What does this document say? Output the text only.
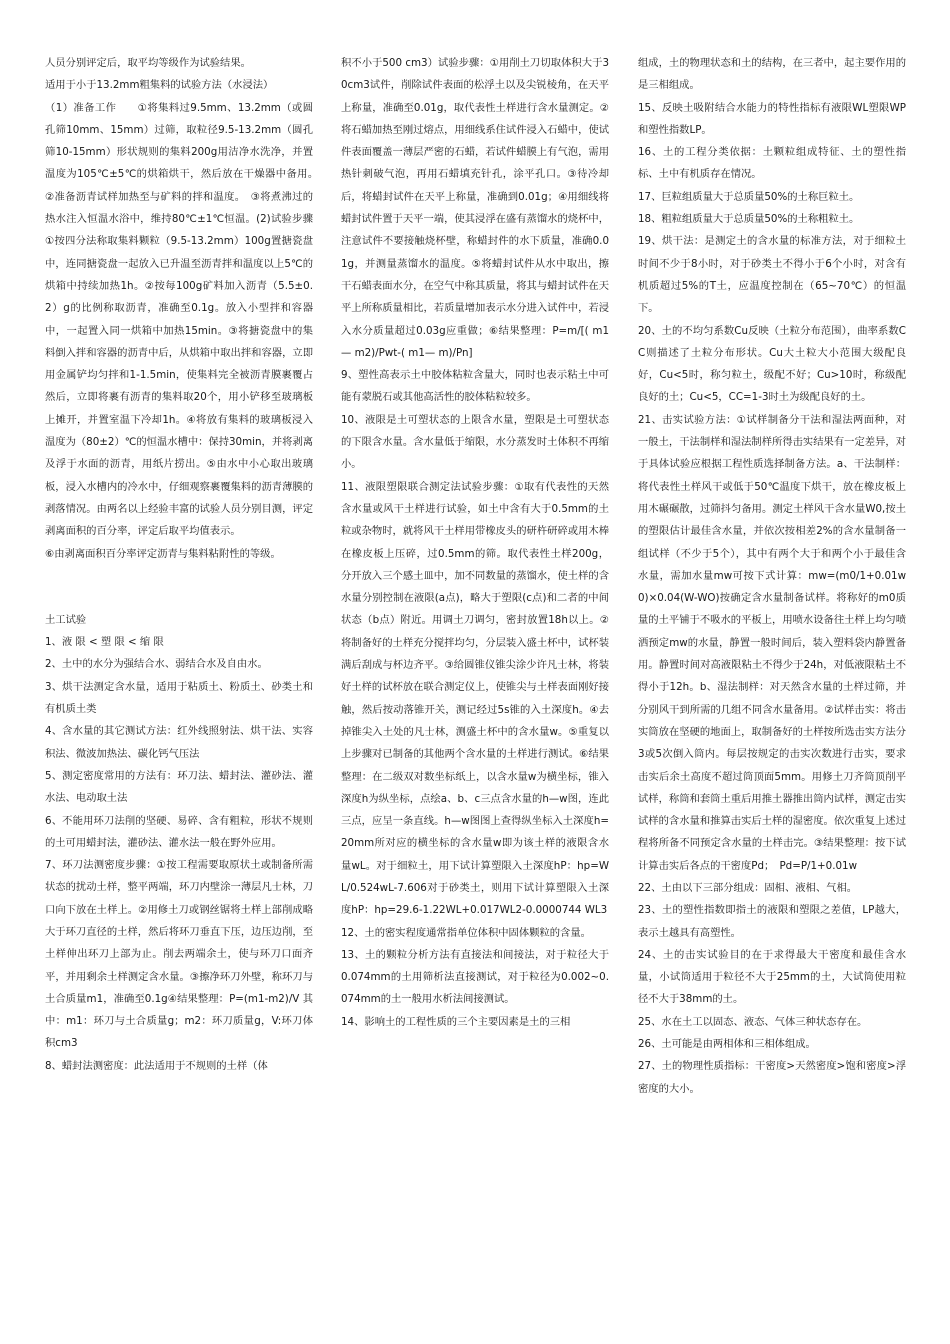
人员分别评定后，取平均等级作为试验结果。

适用于小于13.2mm粗集料的试验方法（水浸法）

（1）准备工作　　①将集料过9.5mm、13.2mm（或圆孔筛10mm、15mm）过筛，取粒径9.5-13.2mm（圆孔筛10-15mm）形状规则的集料200g用洁净水洗净，并置温度为105℃±5℃的烘箱烘干，然后放在干燥器中备用。　②准备沥青试样加热至与矿料的拌和温度。　③将煮沸过的热水注入恒温水浴中，维持80℃±1℃恒温。(2)试验步骤　　①按四分法称取集料颗粒（9.5-13.2mm）100g置搪瓷盘中，连同搪瓷盘一起放入已升温至沥青拌和温度以上5℃的烘箱中持续加热1h。②按每100g矿料加入沥青（5.5±0.2）g的比例称取沥青，准确至0.1g。放入小型拌和容器中，一起置入同一烘箱中加热15min。③将搪瓷盘中的集料倒入拌和容器的沥青中后，从烘箱中取出拌和容器，立即用金属铲均匀拌和1-1.5min，使集料完全被沥青膜裹覆占然后，立即将裹有沥青的集料取20个，用小铲移至玻璃板上摊开，并置室温下冷却1h。④将放有集料的玻璃板浸入温度为（80±2）℃的恒温水槽中：保持30min，并将剥离及浮于水面的沥青，用纸片捞出。⑤由水中小心取出玻璃板，浸入水槽内的冷水中，仔细观察裹覆集料的沥青薄膜的剥落情况。由两名以上经验丰富的试验人员分别目测，评定剥离面积的百分率，评定后取平均值表示。

⑥由剥离面积百分率评定沥青与集料粘附性的等级。

土工试验

1、液 限 < 塑 限 < 缩 限

2、土中的水分为强结合水、弱结合水及自由水。

3、烘干法测定含水量，适用于粘质土、粉质土、砂类土和有机质土类

4、含水量的其它测试方法：红外线照射法、烘干法、实容积法、微波加热法、碳化钙气压法

5、测定密度常用的方法有：环刀法、蜡封法、灌砂法、灌水法、电动取土法

6、不能用环刀法削的坚硬、易碎、含有粗粒，形状不规则的土可用蜡封法，灌砂法、灌水法一般在野外应用。

7、环刀法测密度步骤：①按工程需要取原状土或制备所需状态的扰动土样，整平两端，环刀内壁涂一薄层凡士林，刀口向下放在土样上。②用修土刀或钢丝锯将土样上部削成略大于环刀直径的土样，然后将环刀垂直下压，边压边削，至土样伸出环刀上部为止。削去两端余土，使与环刀口面齐平，并用剩余土样测定含水量。③擦净环刀外壁，称环刀与土合质量m1，准确至0.1g④结果整理：P=(m1-m2)/V 其中：m1：环刀与土合质量g；m2：环刀质量g，V:环刀体积cm3

8、蜡封法测密度：此法适用于不规则的土样（体

积不小于500 cm3）试验步骤：①用削土刀切取体积大于30cm3试件，削除试件表面的松浮土以及尖锐棱角，在天平上称量，准确至0.01g，取代表性土样进行含水量测定。②将石蜡加热至刚过熔点，用细线系住试件浸入石蜡中，使试件表面覆盖一薄层严密的石蜡，若试件蜡膜上有气泡，需用热针刺破气泡，再用石蜡填充针孔，涂平孔口。③待冷却后，将蜡封试件在天平上称量，准确到0.01g；④用细线将蜡封试件置于天平一端，使其浸浮在盛有蒸馏水的烧杯中，注意试件不要接触烧杯壁，称蜡封件的水下质量，准确0.01g，并测量蒸馏水的温度。⑤将蜡封试件从水中取出，擦干石蜡表面水分，在空气中称其质量，将其与蜡封试件在天平上所称质量相比，若质量增加表示水分进入试件中，若浸入水分质量超过0.03g应重做；⑥结果整理：P=m/[( m1— m2)/Pwt-( m1— m)/Pn]

9、塑性高表示土中胶体粘粒含量大，同时也表示粘土中可能有蒙脱石或其他高活性的胶体粘粒较多。

10、液限是土可塑状态的上限含水量，塑限是土可塑状态的下限含水量。含水量低于缩限，水分蒸发时土体积不再缩小。

11、液限塑限联合测定法试验步骤：①取有代表性的天然含水量或风干土样进行试验，如土中含有大于0.5mm的土粒或杂物时，就将风干土样用带橡皮头的研杵研碎或用木棒在橡皮板上压碎，过0.5mm的筛。取代表性土样200g，分开放入三个感土皿中，加不同数量的蒸馏水，使土样的含水量分别控制在液限(a点)，略大于塑限(c点)和二者的中间状态（b点）附近。用调土刀调匀，密封放置18h以上。②将制备好的土样充分搅拌均匀，分层装入盛土杯中，试杯装满后刮成与杯边齐平。③给圆锥仪锥尖涂少许凡士林，将装好土样的试杯放在联合测定仪上，使锥尖与土样表面刚好接触，然后按动落锥开关，测记经过5s锥的入土深度h。④去掉锥尖入土处的凡士林，测盛土杯中的含水量w。⑤重复以上步骤对已制备的其他两个含水量的土样进行测试。⑥结果整理：在二级双对数坐标纸上，以含水量w为横坐标，锥入深度h为纵坐标，点绘a、b、c三点含水量的h—w图，连此三点，应呈一条直线。h—w图图上查得纵坐标入土深度h=20mm所对应的横坐标的含水量w即为该土样的液限含水量wL。对于细粒土，用下试计算塑限入土深度hP：hp=WL/0.524wL-7.606对于砂类土，则用下试计算塑限入土深度hP：hp=29.6-1.22WL+0.017WL2-0.0000744 WL3

12、土的密实程度通常指单位体积中固体颗粒的含量。

13、土的颗粒分析方法有直接法和间接法，对于粒径大于0.074mm的土用筛析法直接测试，对于粒径为0.002~0.074mm的土一般用水析法间接测试。

14、影响土的工程性质的三个主要因素是土的三相

组成，土的物理状态和土的结构，在三者中，起主要作用的是三相组成。

15、反映土吸附结合水能力的特性指标有液限WL塑限WP和塑性指数LP。

16、土的工程分类依据：土颗粒组成特征、土的塑性指标、土中有机质存在情况。

17、巨粒组质量大于总质量50%的土称巨粒土。

18、粗粒组质量大于总质量50%的土称粗粒土。

19、烘干法：是测定土的含水量的标准方法，对于细粒土时间不少于8小时，对于砂类土不得小于6个小时，对含有机质超过5%的T土，应温度控制在（65~70℃）的恒温下。

20、土的不均匀系数Cu反映（土粒分布范围），曲率系数CC则描述了土粒分布形状。Cu大土粒大小范围大级配良好，Cu<5时，称匀粒土，级配不好；Cu>10时，称级配良好的土；Cu<5，CC=1-3时土为级配良好的土。

21、击实试验方法：①试样制备分干法和湿法两面种，对一般土，干法制样和湿法制样所得击实结果有一定差异，对于具体试验应根据工程性质选择制备方法。a、干法制样：将代表性土样风干或低于50℃温度下烘干，放在橡皮板上用木碾碾散，过筛抖匀备用。测定土样风干含水量W0,按土的塑限估计最佳含水量，并依次按相差2%的含水量制备一组试样（不少于5个），其中有两个大于和两个小于最佳含水量，需加水量mw可按下式计算：mw=(m0/1+0.01w0)×0.04(W-WO)按确定含水量制备试样。将称好的m0质量的土平铺于不吸水的平板上，用喷水设备往土样上均匀喷洒预定mw的水量，静置一般时间后，装入塑料袋内静置备用。静置时间对高液限粘土不得少于24h，对低液限粘土不得小于12h。b、湿法制样：对天然含水量的土样过筛，并分别风干到所需的几组不同含水量备用。②试样击实：将击实筒放在坚硬的地面上，取制备好的土样按所选击实方法分3或5次倒入筒内。每层按规定的击实次数进行击实，要求击实后余土高度不超过筒顶面5mm。用修土刀齐筒顶削平试样，称筒和套筒土重后用推土器推出筒内试样，测定击实试样的含水量和推算击实后土样的湿密度。依次重复上述过程将所备不同预定含水量的土样击完。③结果整理：按下试计算击实后各点的干密度Pd；　Pd=P/1+0.01w

22、土由以下三部分组成：固相、液相、气相。

23、土的塑性指数即指土的液限和塑限之差值，LP越大，表示土越具有高塑性。

24、土的击实试验目的在于求得最大干密度和最佳含水量，小试筒适用于粒径不大于25mm的土，大试筒使用粒径不大于38mm的土。

25、水在土工以固态、液态、气体三种状态存在。

26、土可能是由两相体和三相体组成。

27、土的物理性质指标：干密度>天然密度>饱和密度>浮密度的大小。
